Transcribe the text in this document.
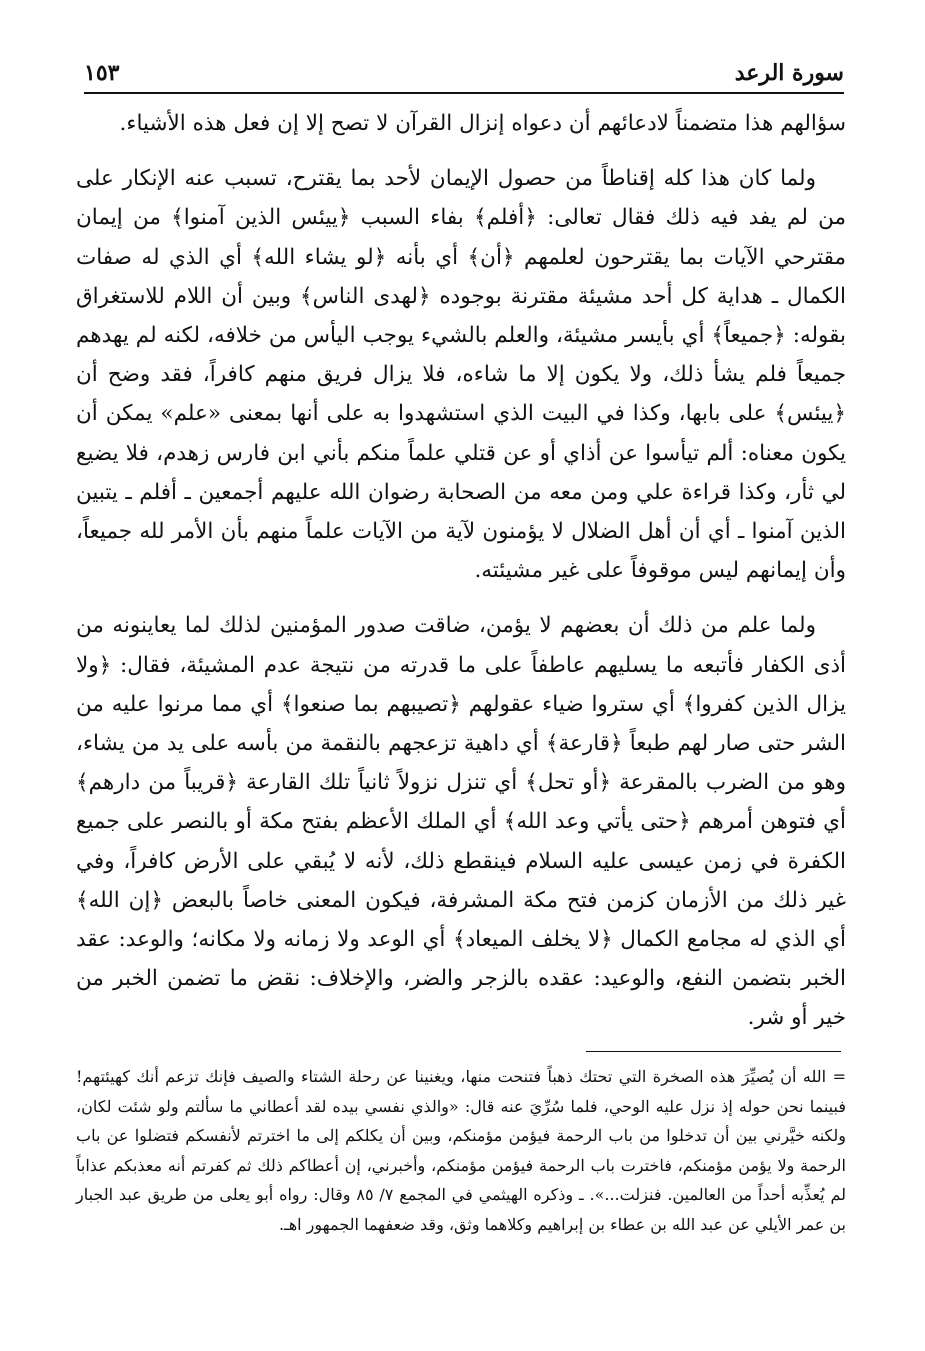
سورة الرعد
١٥٣

سؤالهم هذا متضمناً لادعائهم أن دعواه إنزال القرآن لا تصح إلا إن فعل هذه الأشياء.

ولما كان هذا كله إقناطاً من حصول الإيمان لأحد بما يقترح، تسبب عنه الإنكار على من لم يفد فيه ذلك فقال تعالى: ﴿أفلم﴾ بفاء السبب ﴿ييئس الذين آمنوا﴾ من إيمان مقترحي الآيات بما يقترحون لعلمهم ﴿أن﴾ أي بأنه ﴿لو يشاء الله﴾ أي الذي له صفات الكمال ـ هداية كل أحد مشيئة مقترنة بوجوده ﴿لهدى الناس﴾ وبين أن اللام للاستغراق بقوله: ﴿جميعاً﴾ أي بأيسر مشيئة، والعلم بالشيء يوجب اليأس من خلافه، لكنه لم يهدهم جميعاً فلم يشأ ذلك، ولا يكون إلا ما شاءه، فلا يزال فريق منهم كافراً، فقد وضح أن ﴿ييئس﴾ على بابها، وكذا في البيت الذي استشهدوا به على أنها بمعنى «علم» يمكن أن يكون معناه: ألم تيأسوا عن أذاي أو عن قتلي علماً منكم بأني ابن فارس زهدم، فلا يضيع لي ثأر، وكذا قراءة علي ومن معه من الصحابة رضوان الله عليهم أجمعين ـ أفلم ـ يتبين الذين آمنوا ـ أي أن أهل الضلال لا يؤمنون لآية من الآيات علماً منهم بأن الأمر لله جميعاً، وأن إيمانهم ليس موقوفاً على غير مشيئته.

ولما علم من ذلك أن بعضهم لا يؤمن، ضاقت صدور المؤمنين لذلك لما يعاينونه من أذى الكفار فأتبعه ما يسليهم عاطفاً على ما قدرته من نتيجة عدم المشيئة، فقال: ﴿ولا يزال الذين كفروا﴾ أي ستروا ضياء عقولهم ﴿تصيبهم بما صنعوا﴾ أي مما مرنوا عليه من الشر حتى صار لهم طبعاً ﴿قارعة﴾ أي داهية تزعجهم بالنقمة من بأسه على يد من يشاء، وهو من الضرب بالمقرعة ﴿أو تحل﴾ أي تنزل نزولاً ثانياً تلك القارعة ﴿قريباً من دارهم﴾ أي فتوهن أمرهم ﴿حتى يأتي وعد الله﴾ أي الملك الأعظم بفتح مكة أو بالنصر على جميع الكفرة في زمن عيسى عليه السلام فينقطع ذلك، لأنه لا يُبقي على الأرض كافراً، وفي غير ذلك من الأزمان كزمن فتح مكة المشرفة، فيكون المعنى خاصاً بالبعض ﴿إن الله﴾ أي الذي له مجامع الكمال ﴿لا يخلف الميعاد﴾ أي الوعد ولا زمانه ولا مكانه؛ والوعد: عقد الخبر بتضمن النفع، والوعيد: عقده بالزجر والضر، والإخلاف: نقض ما تضمن الخبر من خير أو شر.

= الله أن يُصيِّرَ هذه الصخرة التي تحتك ذهباً فتنحت منها، ويغنينا عن رحلة الشتاء والصيف فإنك تزعم أنك كهيئتهم! فبينما نحن حوله إذ نزل عليه الوحي، فلما سُرِّيَ عنه قال: «والذي نفسي بيده لقد أعطاني ما سألتم ولو شئت لكان، ولكنه خيَّرني بين أن تدخلوا من باب الرحمة فيؤمن مؤمنكم، وبين أن يكلكم إلى ما اخترتم لأنفسكم فتضلوا عن باب الرحمة ولا يؤمن مؤمنكم، فاخترت باب الرحمة فيؤمن مؤمنكم، وأخبرني، إن أعطاكم ذلك ثم كفرتم أنه معذبكم عذاباً لم يُعذِّبه أحداً من العالمين. فنزلت...». ـ وذكره الهيثمي في المجمع ٧/ ٨٥ وقال: رواه أبو يعلى من طريق عبد الجبار بن عمر الأيلي عن عبد الله بن عطاء بن إبراهيم وكلاهما وثق، وقد ضعفهما الجمهور اهـ.
